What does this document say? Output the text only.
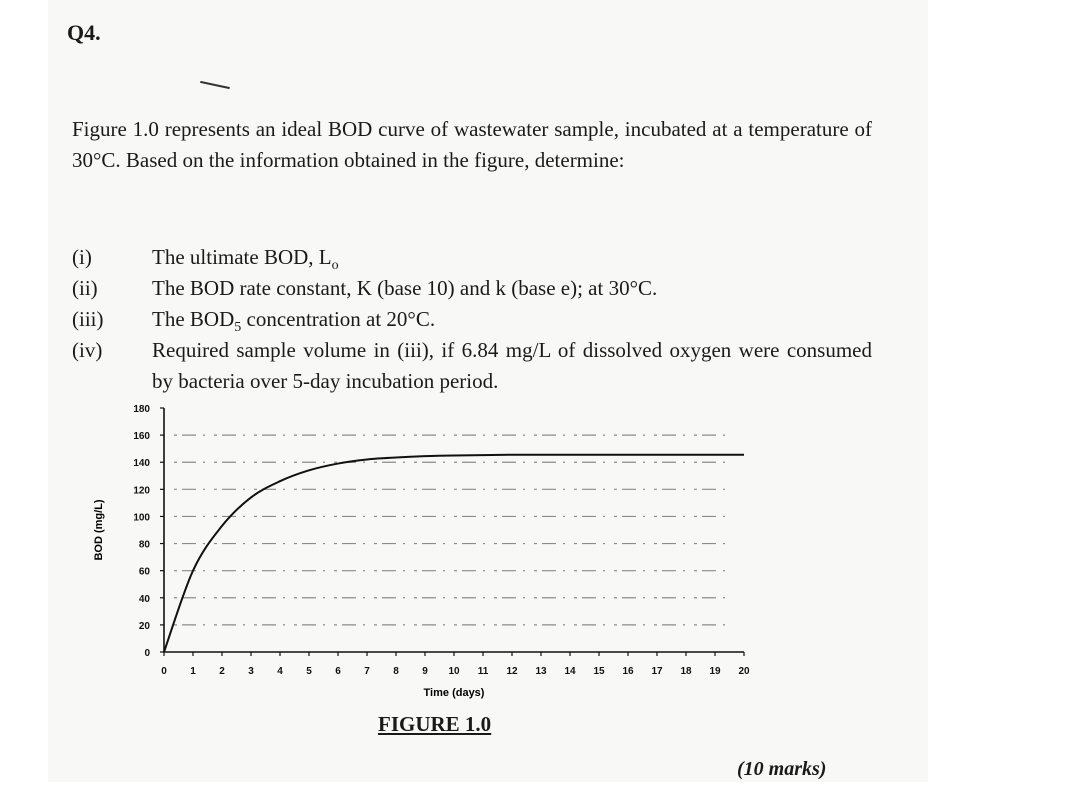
Q4.
Figure 1.0 represents an ideal BOD curve of wastewater sample, incubated at a temperature of 30°C. Based on the information obtained in the figure, determine:
(i)	The ultimate BOD, $L_o$
(ii)	The BOD rate constant, K (base 10) and k (base e); at 30°C.
(iii)	The $BOD_5$ concentration at 20°C.
(iv)	Required sample volume in (iii), if 6.84 mg/L of dissolved oxygen were consumed by bacteria over 5-day incubation period.
0
20
40
60
80
100
120
140
160
180
0 1 2 3 4 5 6 7 8 9 10 11 12 13 14 15 16 17 18 19 20
Time (days)
BOD (mg/L)
FIGURE 1.0
(10 marks)
